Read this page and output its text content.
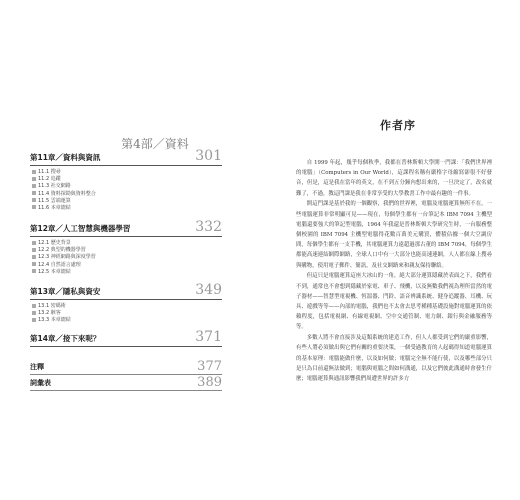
第4部／資料
第11章／資料與資訊	301
11.1 搜尋
11.2 追蹤
11.3 社交網路
11.4 資料探勘與資料整合
11.5 雲端運算
11.6 本章總結
第12章／人工智慧與機器學習	332
12.1 歷史背景
12.2 典型的機器學習
12.3 神經網路與深度學習
12.4 自然語言處理
12.5 本章總結
第13章／隱私與資安	349
13.1 密碼術
13.2 駭客
13.3 本章總結
第14章／接下來呢？	371
注釋	377
詞彙表	389
作者序

自 1999 年起，幾乎每個秋季，我都在普林斯頓大學開一門課：「我們世界裡的電腦」（Computers in Our World），這課程名稱有嚴格字母縮寫卻很不好發音，但是，這是我在當年的英文，在不到五分鐘內想出來的，一旦決定了，改名就難了，不過，教這門課是我在非常享受的大學教書工作中最有趣的一件事。

開這門課是基於我的一個觀察，我們的世界裡，電腦及電腦運算無所不在，一些電腦運算非常明顯可見——現在，每個學生都有一台筆記本 IBM 7094 主機型電腦還要強大的筆記型電腦，1964 年我還是普林斯頓大學研究生時，一台服務整個校園的 IBM 7094 主機型電腦得花數百萬美元購買，體積佔據一個大空調房間，每個學生都有一支手機，其電腦運算力遠超過那古董的 IBM 7094，每個學生都能高速連結網際網路，全球人口中有一大部分也能高速連網，人人都在線上搜尋與購物，使用電子郵件、簡訊，及社交網路來和親友保持聯絡。

但這只是電腦運算這座大冰山的一角，絕大部分運算隱藏於表面之下，我們看不到，通常也不會想到隱藏於家電、車子、飛機，以及無數我們視為理所當然的電子器材——智慧型電視機、恆溫器、門鈴、語音辨識系統、健身追蹤器、耳機、玩具、遊戲等等——內部的電腦，我們也不太會去思考種種基礎設施對電腦運算的依賴程度，包括電視網、有線電視網、空中交通管制、電力網、銀行與金融服務等等。

多數人將不會直接涉及這類系統的建造工作，但人人都受到它們的嚴重影響，有些人將必須做出與它們有關的重要決策，一個受過教育的人起碼得知道電腦運算的基本原理：電腦能做什麼，以及如何做；電腦完全無不能行使，以及哪些部分只是只為目前還無法做到；電腦與電腦之間如何溝通，以及它們彼此溝通時會發生什麼；電腦運算與通訊影響我們周遭世界的許多方
